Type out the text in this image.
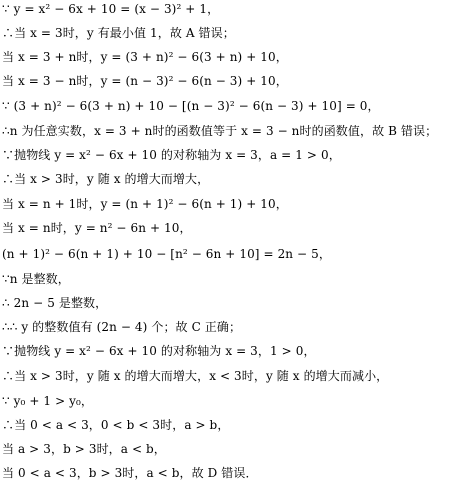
∵ y = x² − 6x + 10 = (x − 3)² + 1，
∴当 x = 3时，y 有最小值 1，故 A 错误；
当 x = 3 + n时，y = (3 + n)² − 6(3 + n) + 10，
当 x = 3 − n时，y = (n − 3)² − 6(n − 3) + 10，
∵ (3 + n)² − 6(3 + n) + 10 − [(n − 3)² − 6(n − 3) + 10] = 0，
∴n 为任意实数，x = 3 + n时的函数值等于 x = 3 − n时的函数值，故 B 错误；
∵抛物线 y = x² − 6x + 10 的对称轴为 x = 3，a = 1 > 0，
∴当 x > 3时，y 随 x 的增大而增大，
当 x = n + 1时，y = (n + 1)² − 6(n + 1) + 10，
当 x = n时，y = n² − 6n + 10，
(n + 1)² − 6(n + 1) + 10 − [n² − 6n + 10] = 2n − 5，
∵n 是整数，
∴ 2n − 5 是整数，
∴∴ y 的整数值有 (2n − 4) 个；故 C 正确；
∵抛物线 y = x² − 6x + 10 的对称轴为 x = 3，1 > 0，
∴当 x > 3时，y 随 x 的增大而增大，x < 3时，y 随 x 的增大而减小，
∵ y₀ + 1 > y₀，
∴当 0 < a < 3，0 < b < 3时，a > b，
当 a > 3，b > 3时，a < b，
当 0 < a < 3，b > 3时，a < b，故 D 错误．
